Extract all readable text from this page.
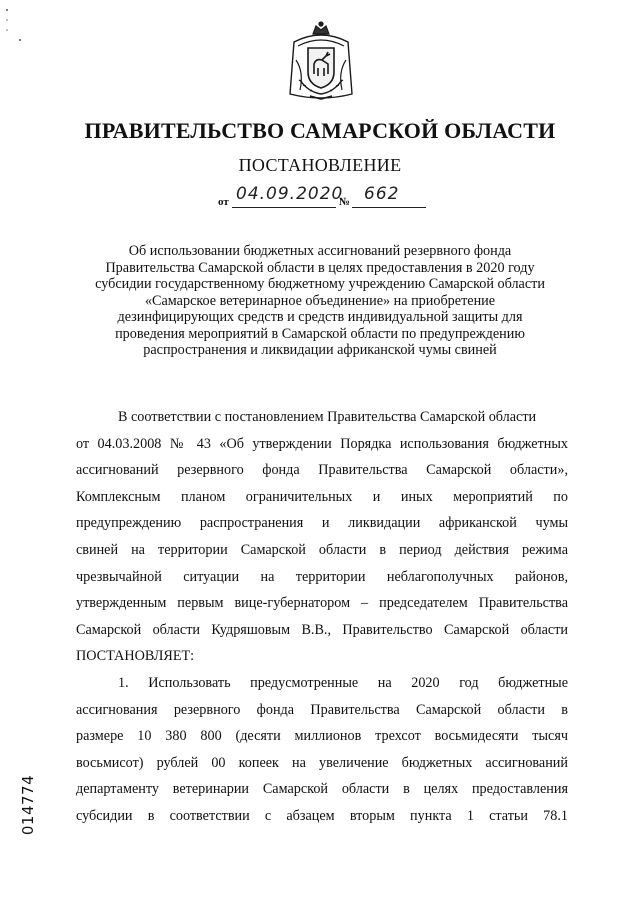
ПРАВИТЕЛЬСТВО САМАРСКОЙ ОБЛАСТИ
ПОСТАНОВЛЕНИЕ
от 04.09.2020
№ 662
Об использовании бюджетных ассигнований резервного фонда
Правительства Самарской области в целях предоставления в 2020 году
субсидии государственному бюджетному учреждению Самарской области
«Самарское ветеринарное объединение» на приобретение
дезинфицирующих средств и средств индивидуальной защиты для
проведения мероприятий в Самарской области по предупреждению
распространения и ликвидации африканской чумы свиней
В соответствии с постановлением Правительства Самарской области
от 04.03.2008 № 43 «Об утверждении Порядка использования бюджетных
ассигнований резервного фонда Правительства Самарской области»,
Комплексным планом ограничительных и иных мероприятий по
предупреждению распространения и ликвидации африканской чумы
свиней на территории Самарской области в период действия режима
чрезвычайной ситуации на территории неблагополучных районов,
утвержденным первым вице-губернатором – председателем Правительства
Самарской области Кудряшовым В.В., Правительство Самарской области
ПОСТАНОВЛЯЕТ:
1. Использовать предусмотренные на 2020 год бюджетные
ассигнования резервного фонда Правительства Самарской области в
размере 10 380 800 (десяти миллионов трехсот восьмидесяти тысяч
восьмисот) рублей 00 копеек на увеличение бюджетных ассигнований
департаменту ветеринарии Самарской области в целях предоставления
субсидии в соответствии с абзацем вторым пункта 1 статьи 78.1
014774
